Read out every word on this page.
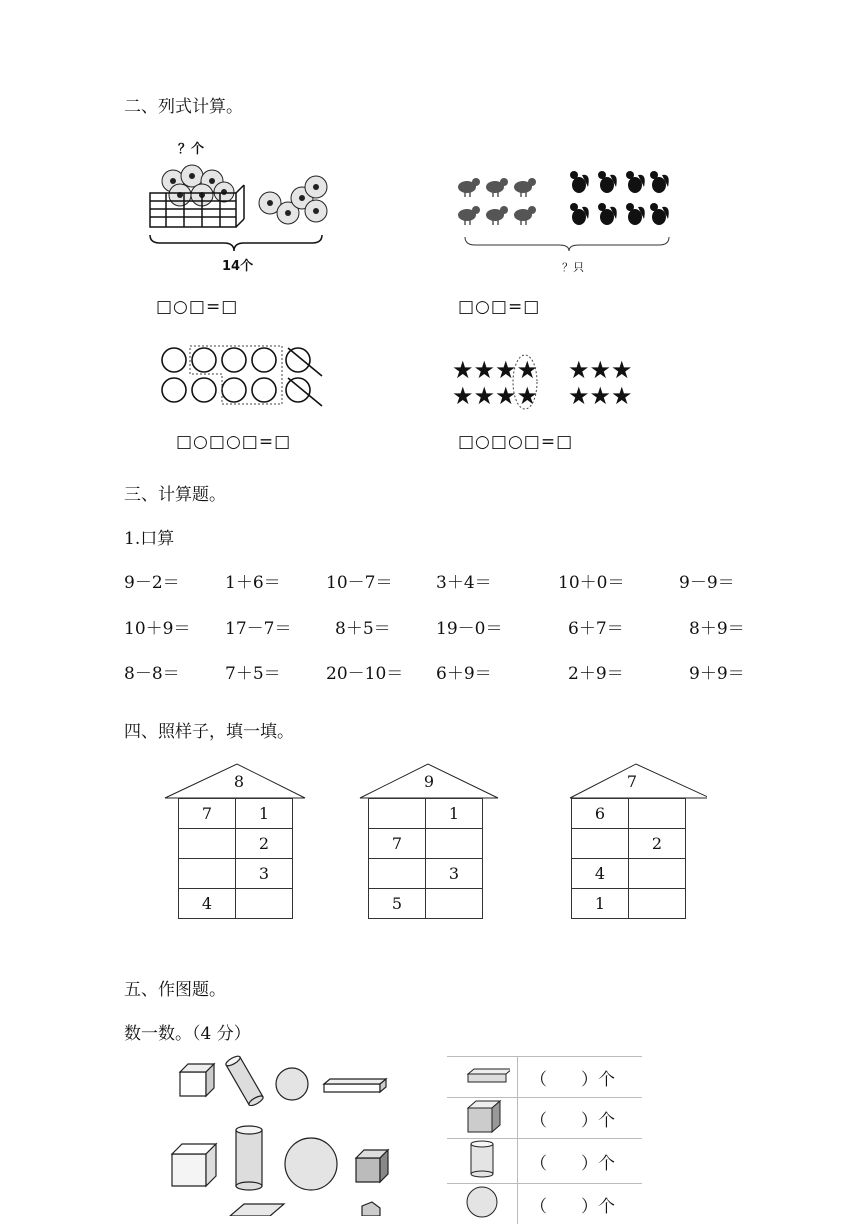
二、列式计算。
？个
14个
□○□=□
？只
□○□=□
□○□○□=□
★★★★
★★★★
★★★
★★★
□○□○□=□
三、计算题。
1.口算
9－2＝	1＋6＝	10－7＝	3＋4＝	10＋0＝	9－9＝
10＋9＝ 17－7＝	8＋5＝	19－0＝	6＋7＝	8＋9＝
8－8＝	7＋5＝	20－10＝ 6＋9＝	2＋9＝	9＋9＝
四、照样子，填一填。
8
7	1
	2
	3
4	
9
	1
7	
	3
5	
7
6	
	2
4	
1	
五、作图题。
数一数。（4 分）
	（　　）个
	（　　）个
	（　　）个
	（　　）个
